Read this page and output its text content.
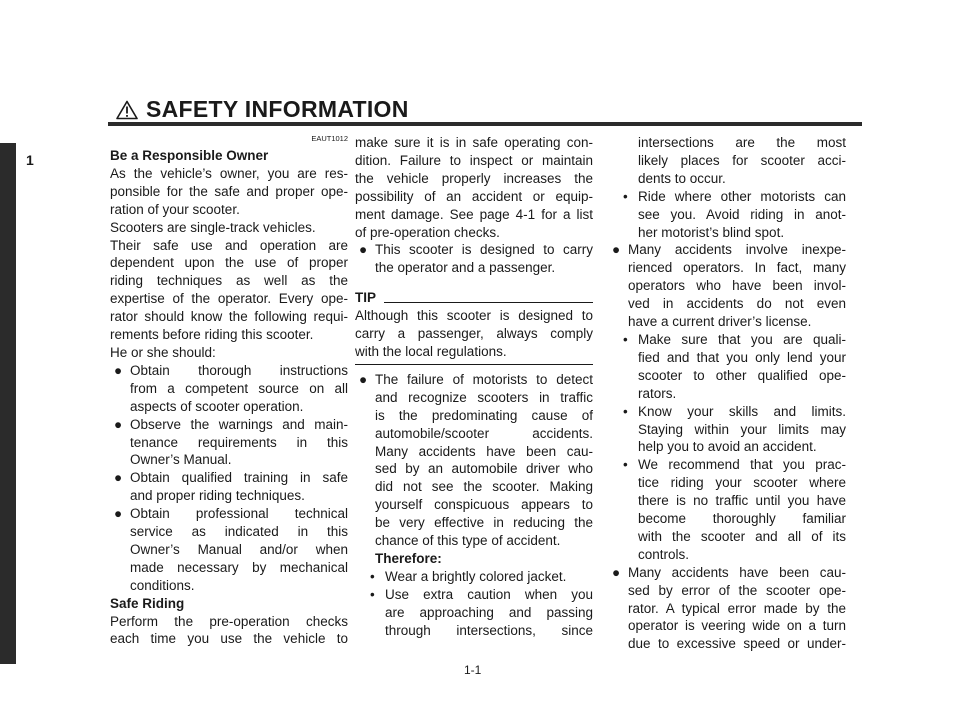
SAFETY INFORMATION
1
EAUT1012
Be a Responsible Owner
As the vehicle’s owner, you are res-
ponsible for the safe and proper ope-
ration of your scooter.
Scooters are single-track vehicles.
Their safe use and operation are
dependent upon the use of proper
riding techniques as well as the
expertise of the operator. Every ope-
rator should know the following requi-
rements before riding this scooter.
He or she should:
● Obtain thorough instructions
from a competent source on all
aspects of scooter operation.
● Observe the warnings and main-
tenance requirements in this
Owner’s Manual.
● Obtain qualified training in safe
and proper riding techniques.
● Obtain professional technical
service as indicated in this
Owner’s Manual and/or when
made necessary by mechanical
conditions.
Safe Riding
Perform the pre-operation checks
each time you use the vehicle to
make sure it is in safe operating con-
dition. Failure to inspect or maintain
the vehicle properly increases the
possibility of an accident or equip-
ment damage. See page 4-1 for a list
of pre-operation checks.
● This scooter is designed to carry
the operator and a passenger.
TIP
Although this scooter is designed to
carry a passenger, always comply
with the local regulations.
● The failure of motorists to detect
and recognize scooters in traffic
is the predominating cause of
automobile/scooter accidents.
Many accidents have been cau-
sed by an automobile driver who
did not see the scooter. Making
yourself conspicuous appears to
be very effective in reducing the
chance of this type of accident.
Therefore:
• Wear a brightly colored jacket.
• Use extra caution when you
are approaching and passing
through intersections, since
intersections are the most
likely places for scooter acci-
dents to occur.
• Ride where other motorists can
see you. Avoid riding in anot-
her motorist’s blind spot.
● Many accidents involve inexpe-
rienced operators. In fact, many
operators who have been invol-
ved in accidents do not even
have a current driver’s license.
• Make sure that you are quali-
fied and that you only lend your
scooter to other qualified ope-
rators.
• Know your skills and limits.
Staying within your limits may
help you to avoid an accident.
• We recommend that you prac-
tice riding your scooter where
there is no traffic until you have
become thoroughly familiar
with the scooter and all of its
controls.
● Many accidents have been cau-
sed by error of the scooter ope-
rator. A typical error made by the
operator is veering wide on a turn
due to excessive speed or under-
1-1
